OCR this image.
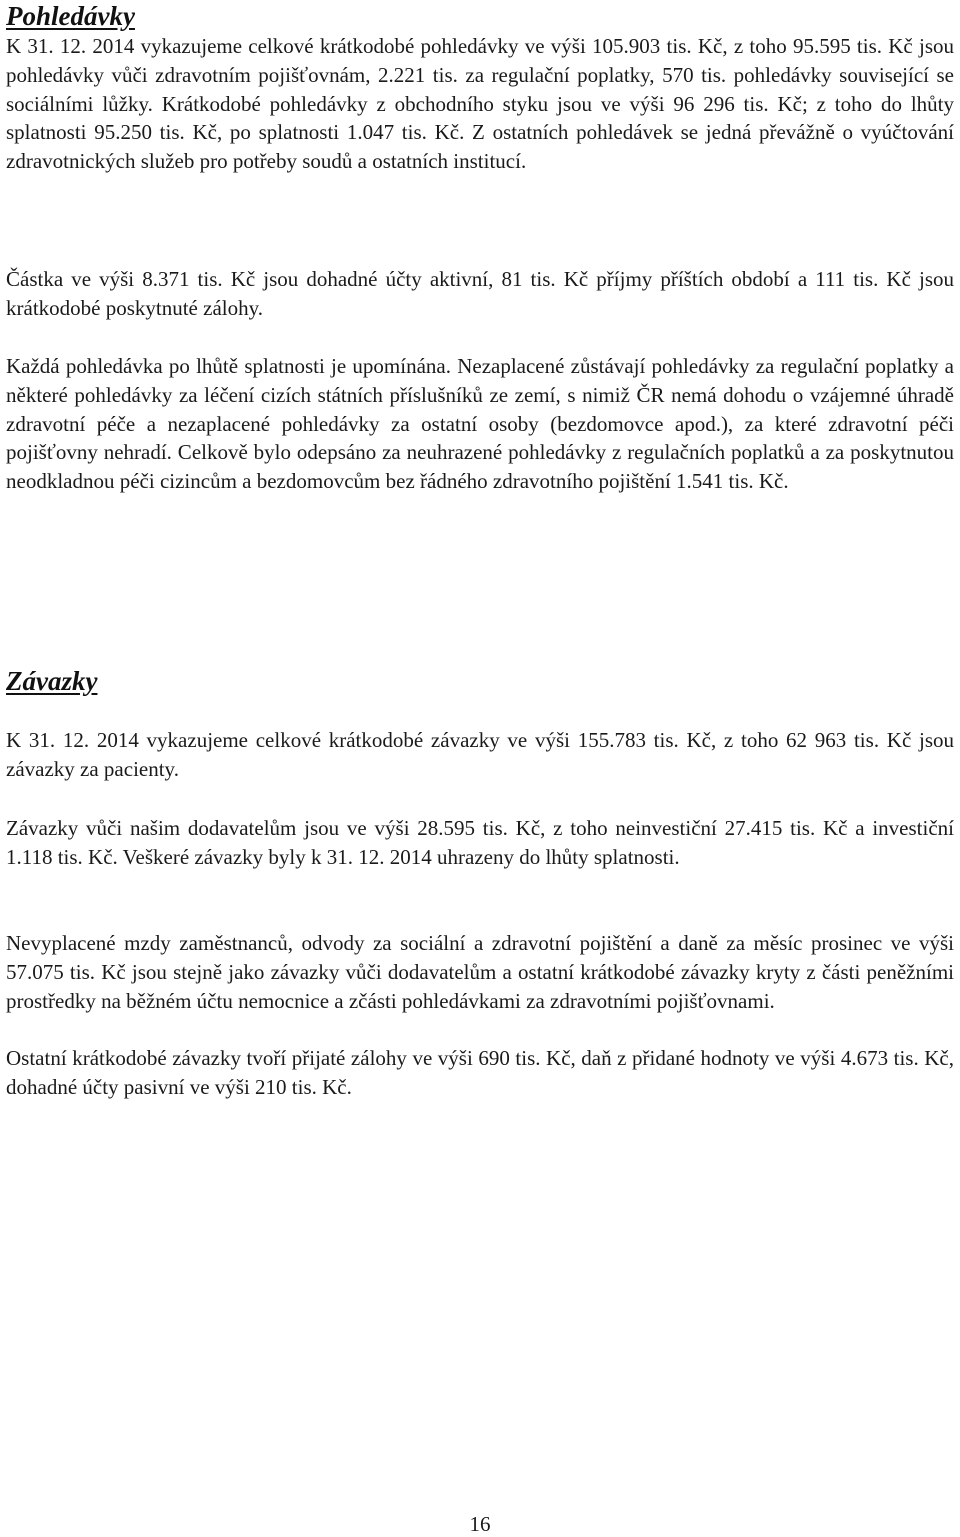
Pohledávky

K 31. 12. 2014 vykazujeme celkové krátkodobé pohledávky ve výši 105.903 tis. Kč, z toho 95.595 tis. Kč jsou pohledávky vůči zdravotním pojišťovnám, 2.221 tis. za regulační poplatky, 570 tis. pohledávky související se sociálními lůžky. Krátkodobé pohledávky z obchodního styku jsou ve výši 96 296 tis. Kč; z toho do lhůty splatnosti 95.250 tis. Kč, po splatnosti 1.047 tis. Kč. Z ostatních pohledávek se jedná převážně o vyúčtování zdravotnických služeb pro potřeby soudů a ostatních institucí.

Částka ve výši 8.371 tis. Kč jsou dohadné účty aktivní, 81 tis. Kč příjmy příštích období a 111 tis. Kč jsou krátkodobé poskytnuté zálohy.

Každá pohledávka po lhůtě splatnosti je upomínána. Nezaplacené zůstávají pohledávky za regulační poplatky a některé pohledávky za léčení cizích státních příslušníků ze zemí, s nimiž ČR nemá dohodu o vzájemné úhradě zdravotní péče a nezaplacené pohledávky za ostatní osoby (bezdomovce apod.), za které zdravotní péči pojišťovny nehradí. Celkově bylo odepsáno za neuhrazené pohledávky z regulačních poplatků a za poskytnutou neodkladnou péči cizincům a bezdomovcům bez řádného zdravotního pojištění 1.541 tis. Kč.

Závazky

K 31. 12. 2014 vykazujeme celkové krátkodobé závazky ve výši 155.783 tis. Kč, z toho 62 963 tis. Kč jsou závazky za pacienty.

Závazky vůči našim dodavatelům jsou ve výši 28.595 tis. Kč, z toho neinvestiční 27.415 tis. Kč a investiční 1.118 tis. Kč. Veškeré závazky byly k 31. 12. 2014 uhrazeny do lhůty splatnosti.

Nevyplacené mzdy zaměstnanců, odvody za sociální a zdravotní pojištění a daně za měsíc prosinec ve výši 57.075 tis. Kč jsou stejně jako závazky vůči dodavatelům a ostatní krátkodobé závazky kryty z části peněžními prostředky na běžném účtu nemocnice a zčásti pohledávkami za zdravotními pojišťovnami.

Ostatní krátkodobé závazky tvoří přijaté zálohy ve výši 690 tis. Kč, daň z přidané hodnoty ve výši 4.673 tis. Kč, dohadné účty pasivní ve výši 210 tis. Kč.

16
